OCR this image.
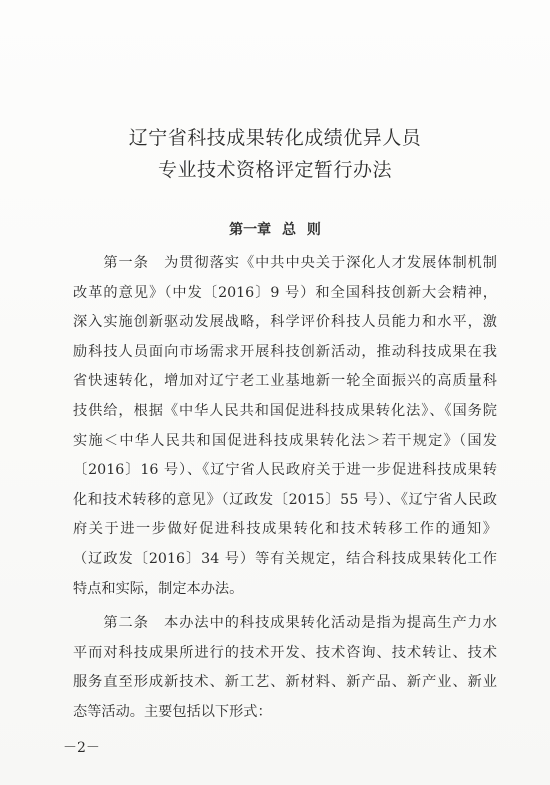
辽宁省科技成果转化成绩优异人员
专业技术资格评定暂行办法
第一章 总 则
　　第一条　为贯彻落实《中共中央关于深化人才发展体制机制
改革的意见》（中发〔2016〕9 号）和全国科技创新大会精神，
深入实施创新驱动发展战略，科学评价科技人员能力和水平，激
励科技人员面向市场需求开展科技创新活动，推动科技成果在我
省快速转化，增加对辽宁老工业基地新一轮全面振兴的高质量科
技供给，根据《中华人民共和国促进科技成果转化法》、《国务院
实施＜中华人民共和国促进科技成果转化法＞若干规定》（国发
〔2016〕16 号）、《辽宁省人民政府关于进一步促进科技成果转
化和技术转移的意见》（辽政发〔2015〕55 号）、《辽宁省人民政
府关于进一步做好促进科技成果转化和技术转移工作的通知》
（辽政发〔2016〕34 号）等有关规定，结合科技成果转化工作
特点和实际，制定本办法。
　　第二条　本办法中的科技成果转化活动是指为提高生产力水
平而对科技成果所进行的技术开发、技术咨询、技术转让、技术
服务直至形成新技术、新工艺、新材料、新产品、新产业、新业
态等活动。主要包括以下形式：
－2－
